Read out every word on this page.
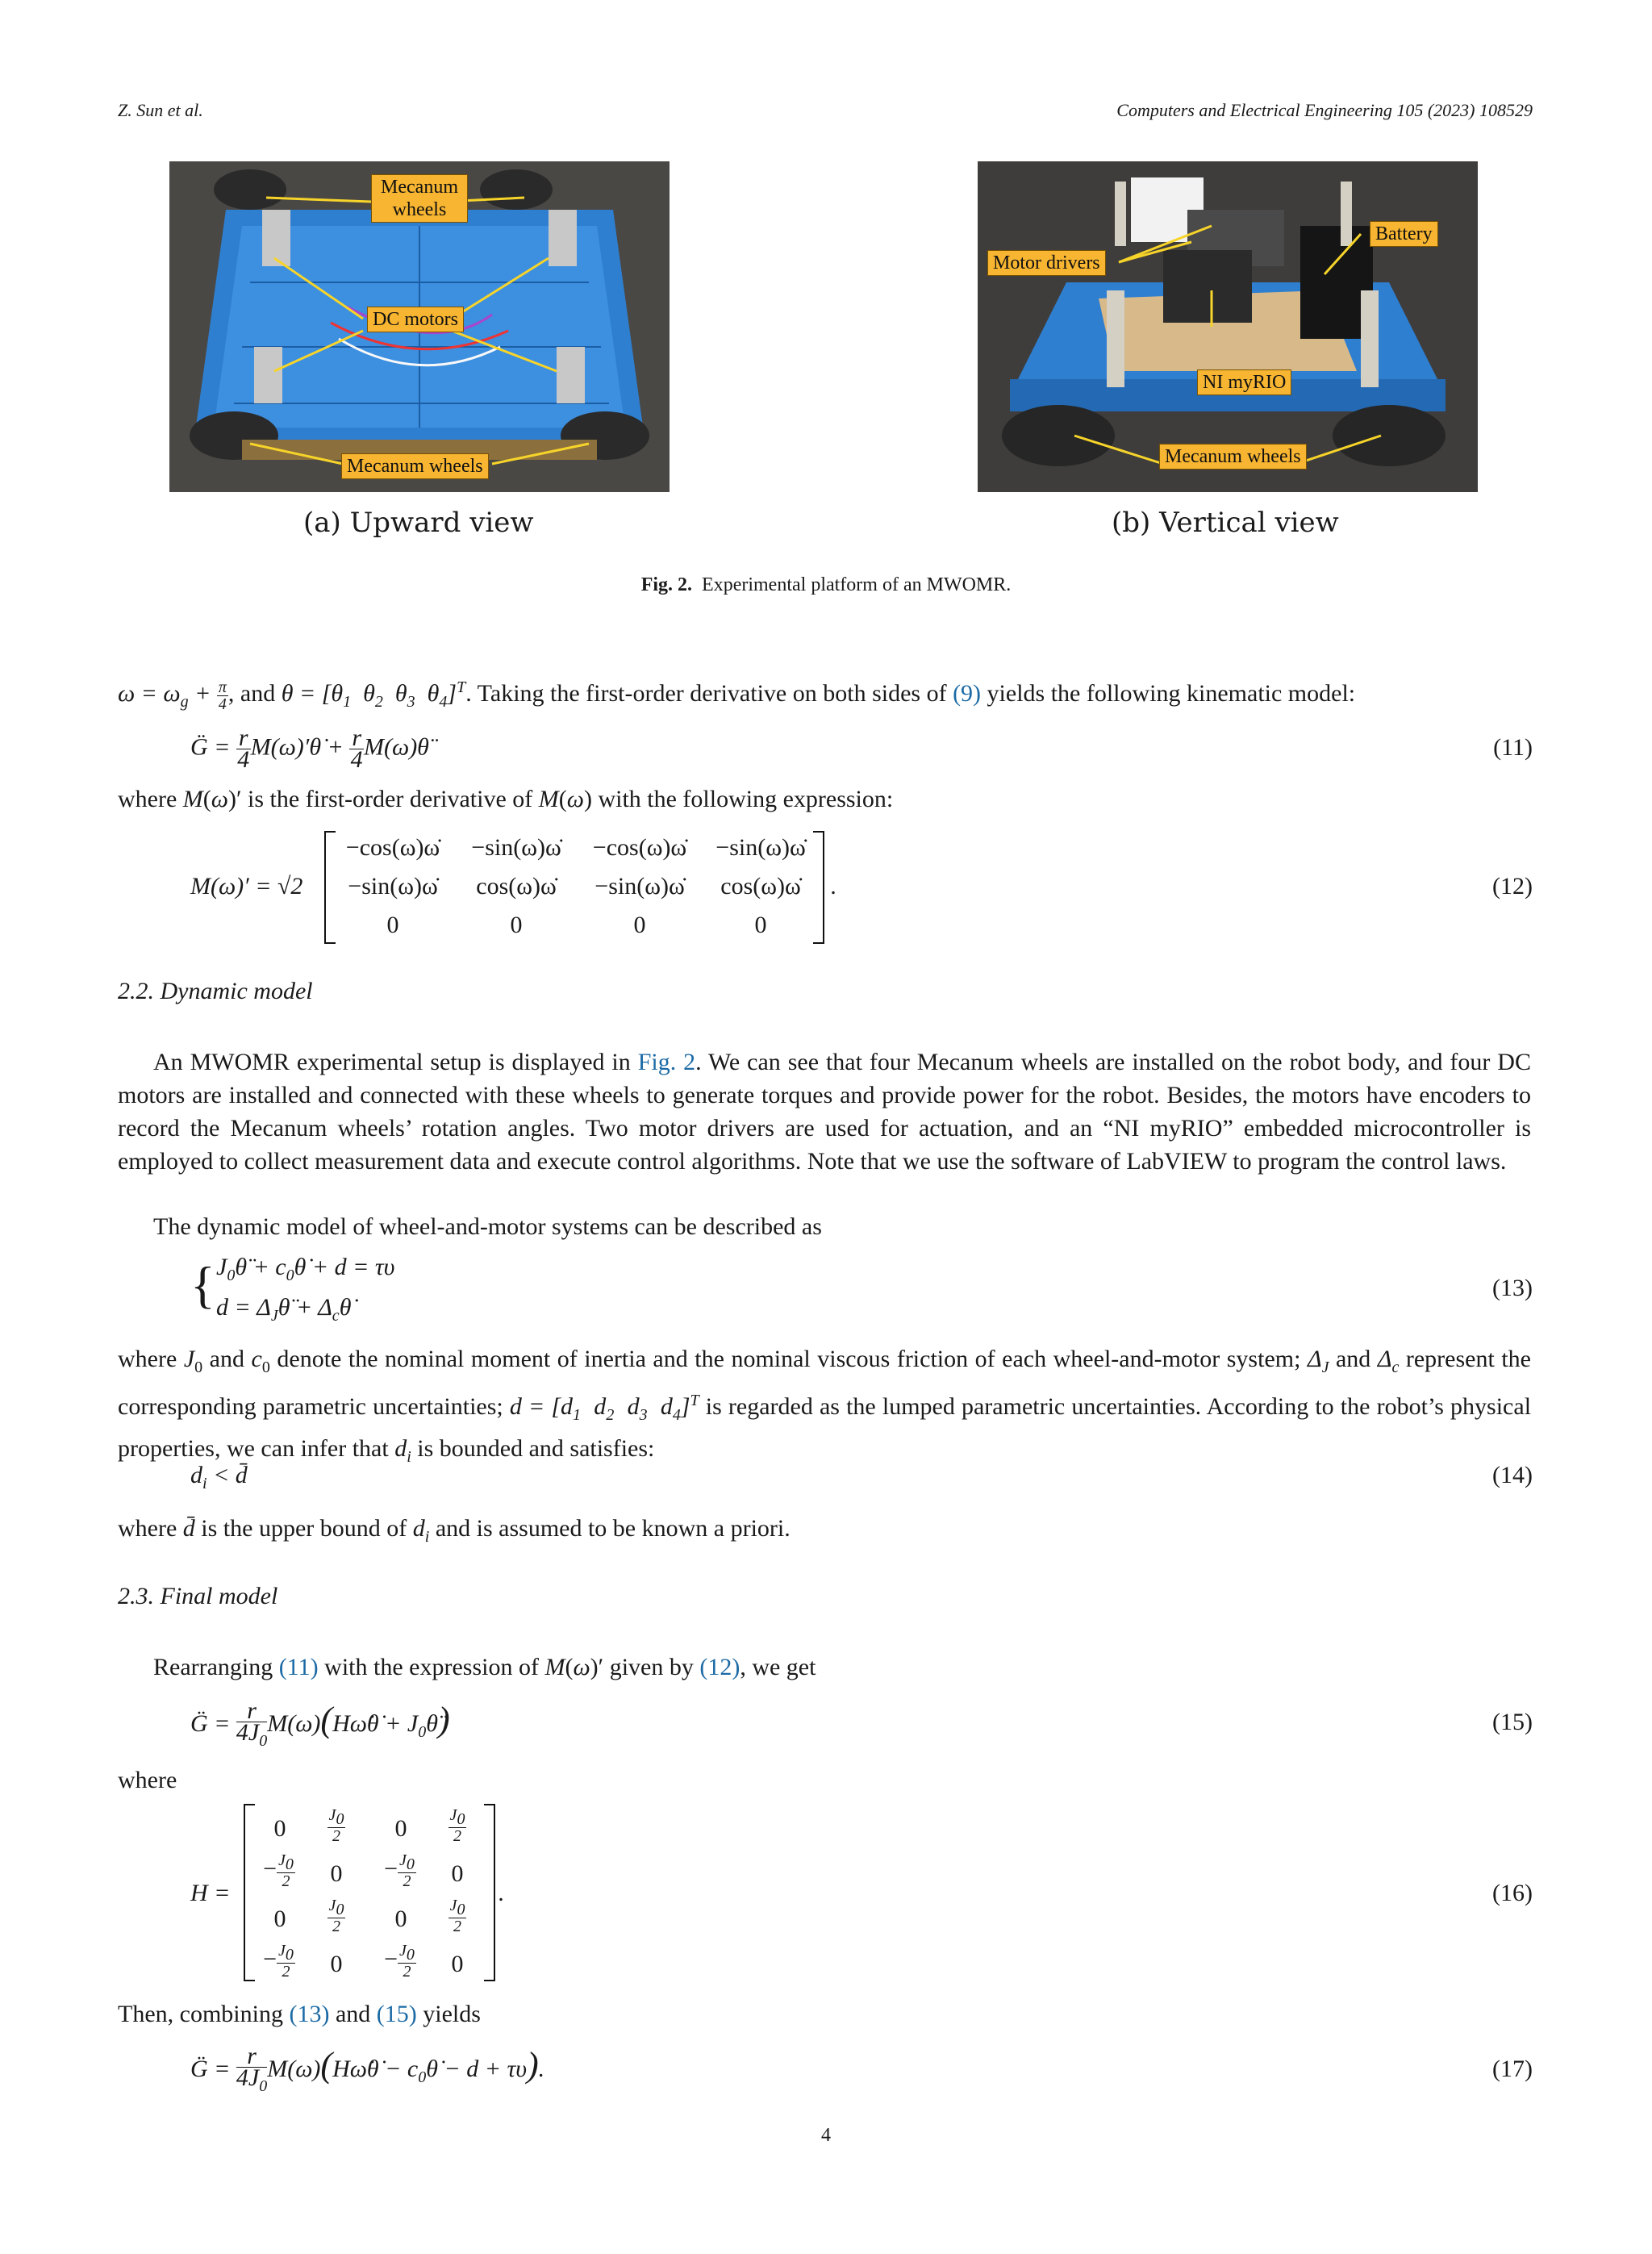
Z. Sun et al.	Computers and Electrical Engineering 105 (2023) 108529
Mecanum
wheels
DC motors
Mecanum wheels
(a) Upward view
Battery
Motor drivers
NI myRIO
Mecanum wheels
(b) Vertical view
Fig. 2. Experimental platform of an MWOMR.
$\omega = \omega_g + \frac{\pi}{4}$ , and $\theta = [\theta_1$  $\theta_2$  $\theta_3$  $\theta_4]^T$. Taking the first-order derivative on both sides of (9) yields the following kinematic model:
G̈ = $\frac{r}{4}$ M(ω)′θ̇ + $\frac{r}{4}$ M(ω)θ̈	(11)
where M(ω)′ is the first-order derivative of M(ω) with the following expression:
M(ω)′ = √2
−cos(ω)ω̇	−sin(ω)ω̇	−cos(ω)ω̇	−sin(ω)ω̇
−sin(ω)ω̇	cos(ω)ω̇	−sin(ω)ω̇	cos(ω)ω̇
0	0	0	0
.	(12)
2.2. Dynamic model
An MWOMR experimental setup is displayed in Fig. 2. We can see that four Mecanum wheels are installed on the robot body, and four DC motors are installed and connected with these wheels to generate torques and provide power for the robot. Besides, the motors have encoders to record the Mecanum wheels’ rotation angles. Two motor drivers are used for actuation, and an “NI myRIO” embedded microcontroller is employed to collect measurement data and execute control algorithms. Note that we use the software of LabVIEW to program the control laws.
The dynamic model of wheel-and-motor systems can be described as
{ $J_0\thetä$ + $c_0\thetȧ + d = \tau\upsilon$
$d = \Delta_J\thetä$ + $\Delta_c\thetȧ$
(13)
where $J_0$ and $c_0$ denote the nominal moment of inertia and the nominal viscous friction of each wheel-and-motor system; $\Delta_J$ and $\Delta_c$ represent the corresponding parametric uncertainties; $d = [d_1$  $d_2$  $d_3$  $d_4]^T$ is regarded as the lumped parametric uncertainties. According to the robot’s physical properties, we can infer that $d_i$ is bounded and satisfies:
$d_i$ < d̄	(14)
where d̄ is the upper bound of $d_i$ and is assumed to be known a priori.
2.3. Final model
Rearranging (11) with the expression of M(ω)′ given by (12), we get
G̈ = $\frac{r}{4J_0}$ M(ω)(Hω̇θ̇ + $J_0\thetä$)	(15)
where
H =
0	$\frac{J_0}{2}$	0	$\frac{J_0}{2}$
− $\frac{J_0}{2}$	0	− $\frac{J_0}{2}$	0
0	$\frac{J_0}{2}$	0	$\frac{J_0}{2}$
− $\frac{J_0}{2}$	0	− $\frac{J_0}{2}$	0
.	(16)
Then, combining (13) and (15) yields
G̈ = $\frac{r}{4J_0}$ M(ω)(Hω̇θ̇ − $c_0\thetȧ - d + \tau\upsilon$).	(17)
4
